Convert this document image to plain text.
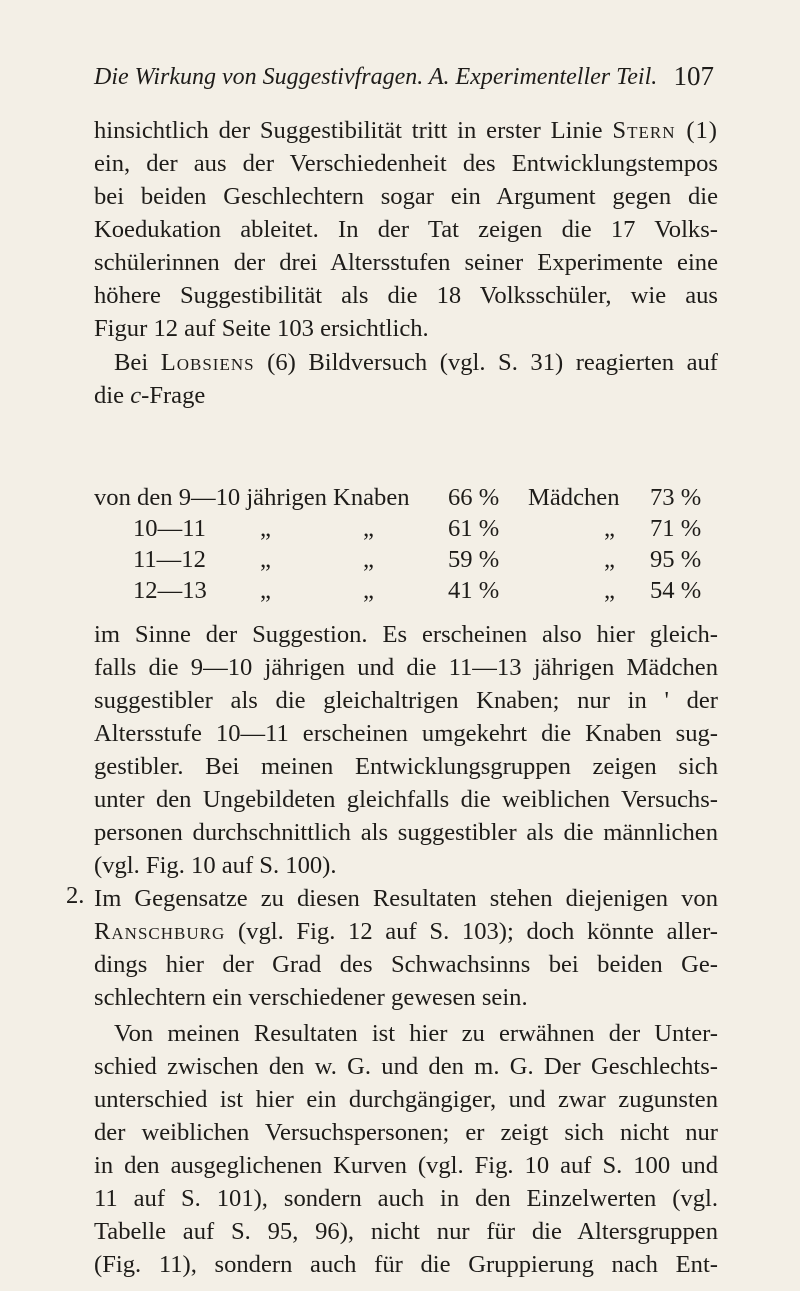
Die Wirkung von Suggestivfragen. A. Experimenteller Teil. 107
hinsichtlich der Suggestibilität tritt in erster Linie Stern (1)
ein, der aus der Verschiedenheit des Entwicklungstempos
bei beiden Geschlechtern sogar ein Argument gegen die
Koedukation ableitet. In der Tat zeigen die 17 Volks-
schülerinnen der drei Altersstufen seiner Experimente eine
höhere Suggestibilität als die 18 Volksschüler, wie aus
Figur 12 auf Seite 103 ersichtlich.
Bei Lobsiens (6) Bildversuch (vgl. S. 31) reagierten auf
die c-Frage
von den 9—10 jährigen Knaben 66 % Mädchen 73 %
10—11 „	„	61 %	„ 71 %
11—12 „	„	59 %	„ 95 %
12—13 „	„	41 %	„ 54 %
im Sinne der Suggestion. Es erscheinen also hier gleich-
falls die 9—10 jährigen und die 11—13 jährigen Mädchen
suggestibler als die gleichaltrigen Knaben; nur in ' der
Altersstufe 10—11 erscheinen umgekehrt die Knaben sug-
gestibler. Bei meinen Entwicklungsgruppen zeigen sich
unter den Ungebildeten gleichfalls die weiblichen Versuchs-
personen durchschnittlich als suggestibler als die männlichen
(vgl. Fig. 10 auf S. 100).
2. Im Gegensatze zu diesen Resultaten stehen diejenigen von
Ranschburg (vgl. Fig. 12 auf S. 103); doch könnte aller-
dings hier der Grad des Schwachsinns bei beiden Ge-
schlechtern ein verschiedener gewesen sein.
Von meinen Resultaten ist hier zu erwähnen der Unter-
schied zwischen den w. G. und den m. G. Der Geschlechts-
unterschied ist hier ein durchgängiger, und zwar zugunsten
der weiblichen Versuchspersonen; er zeigt sich nicht nur
in den ausgeglichenen Kurven (vgl. Fig. 10 auf S. 100 und
11 auf S. 101), sondern auch in den Einzelwerten (vgl.
Tabelle auf S. 95, 96), nicht nur für die Altersgruppen
(Fig. 11), sondern auch für die Gruppierung nach Ent-
